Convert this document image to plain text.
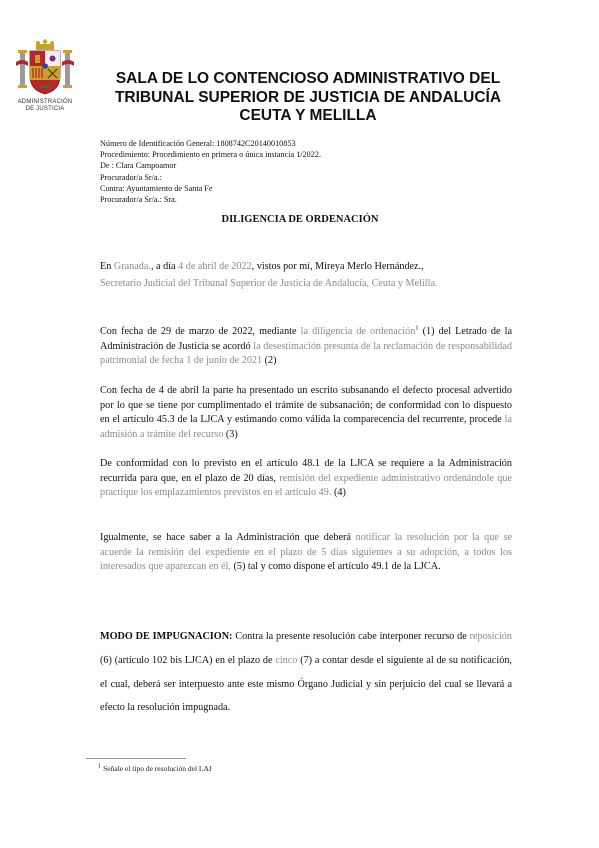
ADMINISTRACIÓN
DE JUSTICIA
SALA DE LO CONTENCIOSO ADMINISTRATIVO DEL
TRIBUNAL SUPERIOR DE JUSTICIA DE ANDALUCÍA
CEUTA Y MELILLA
Número de Identificación General: 1808742C20140010853
Procedimiento: Procedimiento en primera o única instancia 1/2022.
De : Clara Campoamor
Procurador/a Sr/a.:
Contra: Ayuntamiento de Santa Fe
Procurador/a Sr/a.: Sra.
DILIGENCIA DE ORDENACIÓN
En Granada., a día 4 de abril de 2022, vistos por mí, Mireya Merlo Hernández.,
Secretario Judicial del Tribunal Superior de Justicia de Andalucía, Ceuta y Melilla.
Con fecha de 29 de marzo de 2022, mediante la diligencia de ordenación$^1$ (1) del Letrado de la Administración de Justicia se acordó la desestimación presunta de la reclamación de responsabilidad patrimonial de fecha 1 de junio de 2021 (2)
Con fecha de 4 de abril la parte ha presentado un escrito subsanando el defecto procesal advertido por lo que se tiene por cumplimentado el trámite de subsanación; de conformidad con lo dispuesto en el artículo 45.3 de la LJCA y estimando como válida la comparecencia del recurrente, procede la admisión a trámite del recurso (3)
De conformidad con lo previsto en el artículo 48.1 de la LJCA se requiere a la Administración recurrida para que, en el plazo de 20 días, remisión del expediente administrativo ordenándole que practique los emplazamientos previstos en el artículo 49. (4)
Igualmente, se hace saber a la Administración que deberá notificar la resolución por la que se acuerde la remisión del expediente en el plazo de 5 días siguientes a su adopción, a todos los interesados que aparezcan en él, (5) tal y como dispone el artículo 49.1 de la LJCA.
MODO DE IMPUGNACION: Contra la presente resolución cabe interponer recurso de reposición (6) (artículo 102 bis LJCA) en el plazo de cinco (7) a contar desde el siguiente al de su notificación, el cual, deberá ser interpuesto ante este mismo Órgano Judicial y sin perjuicio del cual se llevará a efecto la resolución impugnada.
1 Señale el tipo de resolución del LAJ
